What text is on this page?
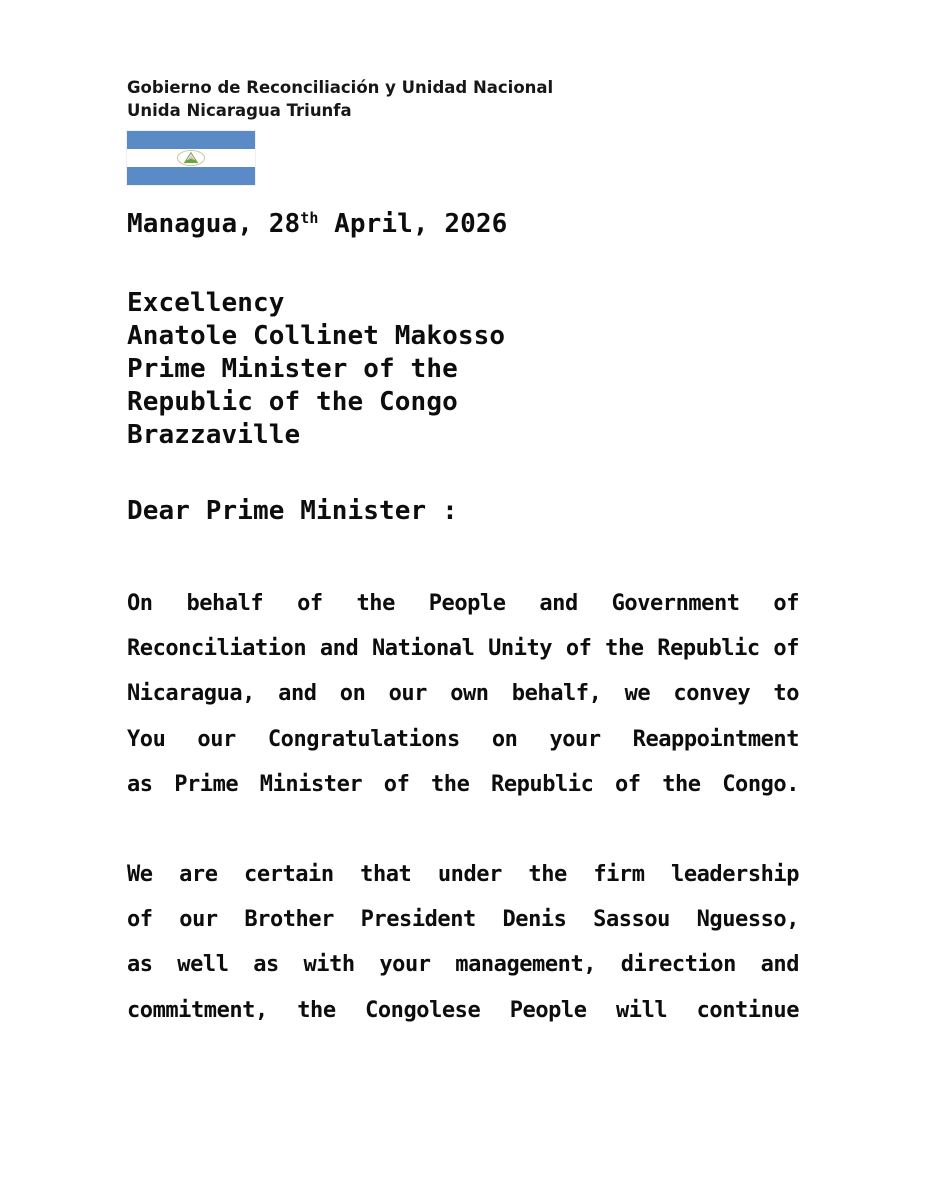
Gobierno de Reconciliación y Unidad Nacional
Unida Nicaragua Triunfa
Managua, 28th April, 2026
Excellency
Anatole Collinet Makosso
Prime Minister of the
Republic of the Congo
Brazzaville
Dear Prime Minister :
On behalf of the People and Government of
Reconciliation and National Unity of the Republic of
Nicaragua, and on our own behalf, we convey to
You our Congratulations on your Reappointment
as Prime Minister of the Republic of the Congo.
We are certain that under the firm leadership
of our Brother President Denis Sassou Nguesso,
as well as with your management, direction and
commitment, the Congolese People will continue
